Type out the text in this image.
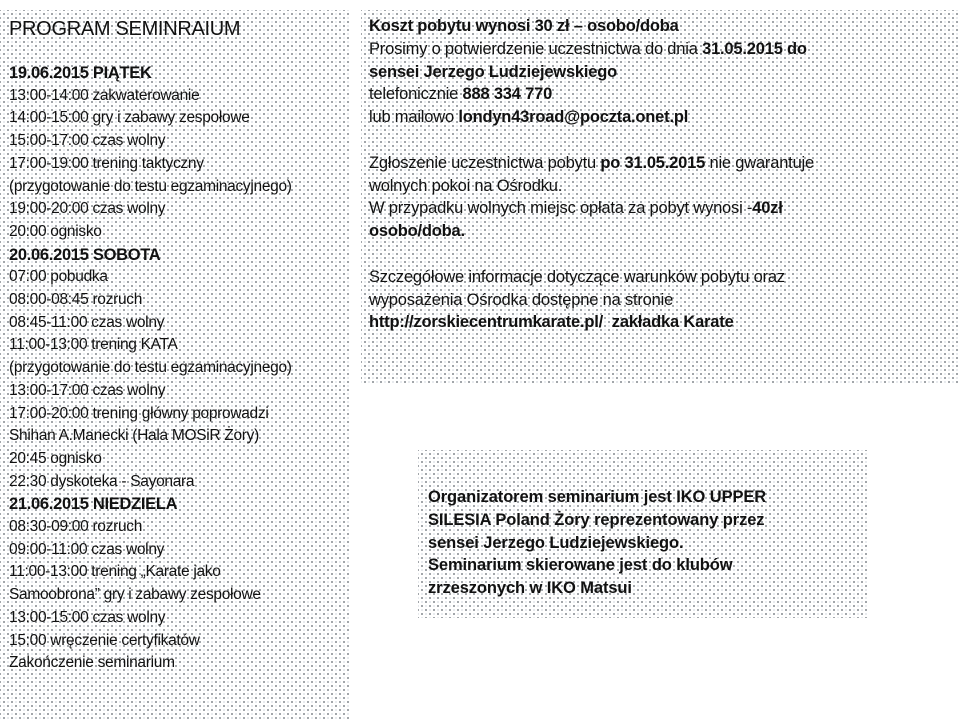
PROGRAM SEMINRAIUM
19.06.2015 PIĄTEK
13:00-14:00 zakwaterowanie
14:00-15:00 gry i zabawy zespołowe
15:00-17:00 czas wolny
17:00-19:00 trening taktyczny
(przygotowanie do testu egzaminacyjnego)
19:00-20:00 czas wolny
20:00 ognisko
20.06.2015 SOBOTA
07:00 pobudka
08:00-08:45 rozruch
08:45-11:00 czas wolny
11:00-13:00 trening KATA
(przygotowanie do testu egzaminacyjnego)
13:00-17:00 czas wolny
17:00-20:00 trening główny poprowadzi
Shihan A.Manecki (Hala MOSiR Żory)
20:45 ognisko
22:30 dyskoteka - Sayonara
21.06.2015 NIEDZIELA
08:30-09:00 rozruch
09:00-11:00 czas wolny
11:00-13:00 trening „Karate jako
Samoobrona” gry i zabawy zespołowe
13:00-15:00 czas wolny
15:00 wręczenie certyfikatów
Zakończenie seminarium
Koszt pobytu wynosi 30 zł – osobo/doba
Prosimy o potwierdzenie uczestnictwa do dnia 31.05.2015 do
sensei Jerzego Ludziejewskiego
telefonicznie 888 334 770
lub mailowo londyn43road@poczta.onet.pl
Zgłoszenie uczestnictwa pobytu po 31.05.2015 nie gwarantuje
wolnych pokoi na Ośrodku.
W przypadku wolnych miejsc opłata za pobyt wynosi -40zł
osobo/doba.
Szczegółowe informacje dotyczące warunków pobytu oraz
wyposażenia Ośrodka dostępne na stronie
http://zorskiecentrumkarate.pl/  zakładka Karate
Organizatorem seminarium jest IKO UPPER
SILESIA Poland Żory reprezentowany przez
sensei Jerzego Ludziejewskiego.
Seminarium skierowane jest do klubów
zrzeszonych w IKO Matsui
